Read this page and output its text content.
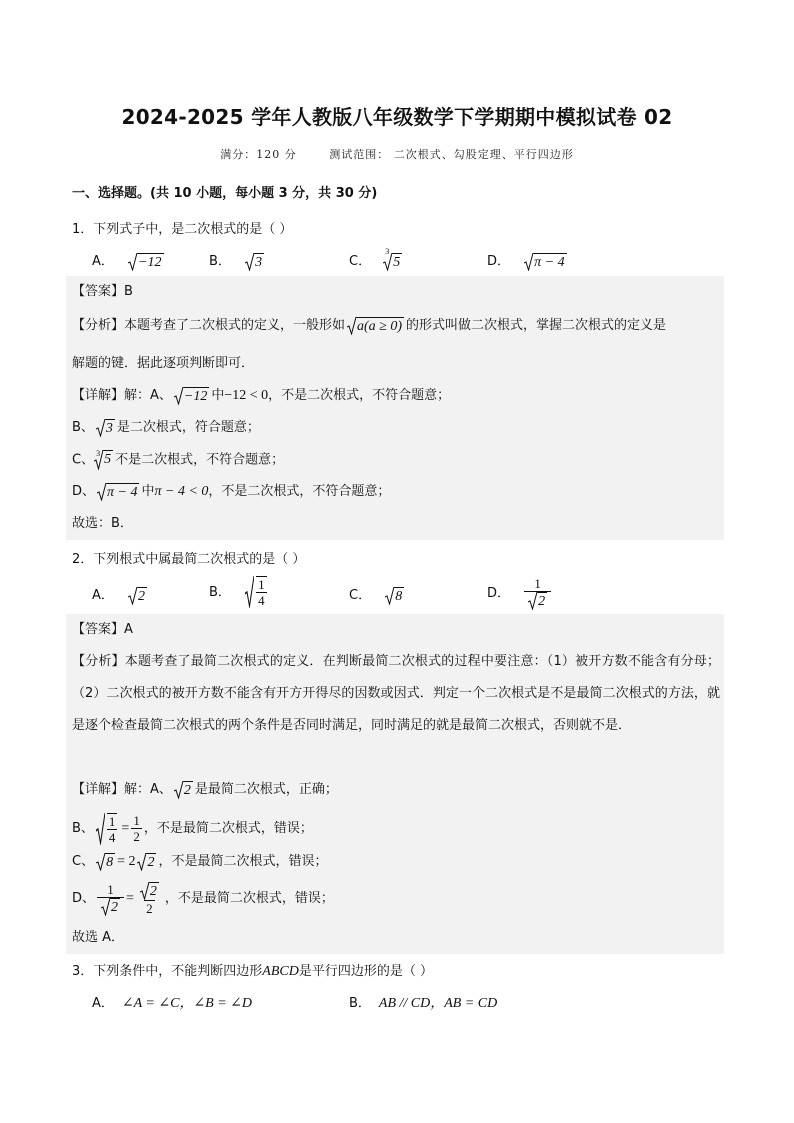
2024-2025 学年人教版八年级数学下学期期中模拟试卷 02
满分：120 分	测试范围： 二次根式、勾股定理、平行四边形
一、选择题。(共 10 小题，每小题 3 分，共 30 分)
1．下列式子中，是二次根式的是（ ）
A． −12	B． 3	C．
3
5	D． π − 4
【答案】B
【分析】本题考查了二次根式的定义，一般形如 a(a ≥ 0) 的形式叫做二次根式，掌握二次根式的定义是
解题的键．据此逐项判断即可．
【详解】解：A、 −12 中−12 < 0，不是二次根式，不符合题意；
B、 3 是二次根式，符合题意；
C、 3 5 不是二次根式，不符合题意；
D、 π − 4 中π − 4 < 0，不是二次根式，不符合题意；
故选：B．
2．下列根式中属最简二次根式的是（ ）
A． 2	B． $\frac{1}{4}$	C． 8	D． $\frac{1}{2}$
【答案】A
【分析】本题考查了最简二次根式的定义．在判断最简二次根式的过程中要注意：（1）被开方数不能含有分母；（2）二次根式的被开方数不能含有开方开得尽的因数或因式．判定一个二次根式是不是最简二次根式的方法，就是逐个检查最简二次根式的两个条件是否同时满足，同时满足的就是最简二次根式，否则就不是．
【详解】解：A、 2 是最简二次根式，正确；
B、 $\frac{1}{4} = \frac{1}{2}$ ，不是最简二次根式，错误；
C、 8 = 2 2 ，不是最简二次根式，错误；
D、 $\frac{1}{2} = \frac{2}{2}$ ，不是最简二次根式，错误；
故选 A．
3．下列条件中，不能判断四边形ABCD是平行四边形的是（ ）
A． ∠A = ∠C，∠B = ∠D	B． AB // CD，AB = CD
